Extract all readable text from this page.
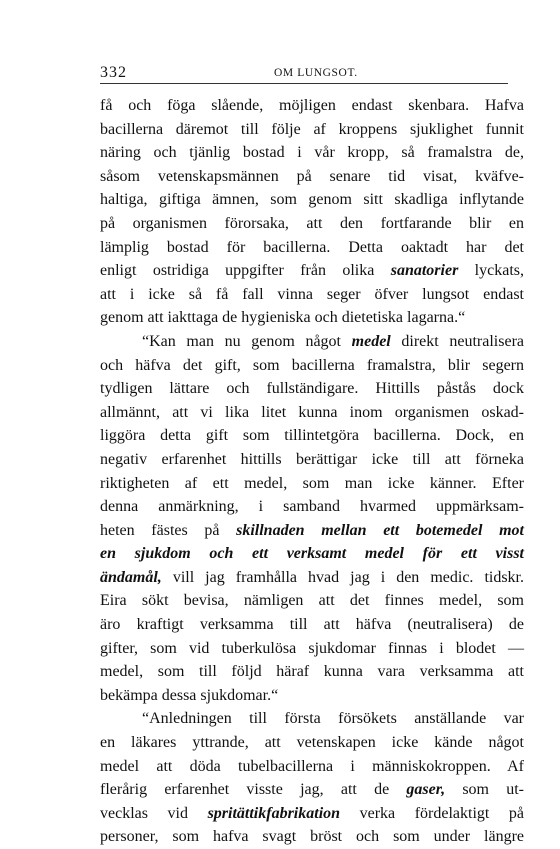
332	OM LUNGSOT.
få och föga slående, möjligen endast skenbara. Hafva
bacillerna däremot till följe af kroppens sjuklighet funnit
näring och tjänlig bostad i vår kropp, så framalstra de,
såsom vetenskapsmännen på senare tid visat, kväfve-
haltiga, giftiga ämnen, som genom sitt skadliga inflytande
på organismen förorsaka, att den fortfarande blir en
lämplig bostad för bacillerna. Detta oaktadt har det
enligt ostridiga uppgifter från olika sanatorier lyckats,
att i icke så få fall vinna seger öfver lungsot endast
genom att iakttaga de hygieniska och dietetiska lagarna.“
“Kan man nu genom något medel direkt neutralisera
och häfva det gift, som bacillerna framalstra, blir segern
tydligen lättare och fullständigare. Hittills påstås dock
allmännt, att vi lika litet kunna inom organismen oskad-
liggöra detta gift som tillintetgöra bacillerna. Dock, en
negativ erfarenhet hittills berättigar icke till att förneka
riktigheten af ett medel, som man icke känner. Efter
denna anmärkning, i samband hvarmed uppmärksam-
heten fästes på skillnaden mellan ett botemedel mot
en sjukdom och ett verksamt medel för ett visst
ändamål, vill jag framhålla hvad jag i den medic. tidskr.
Eira sökt bevisa, nämligen att det finnes medel, som
äro kraftigt verksamma till att häfva (neutralisera) de
gifter, som vid tuberkulösa sjukdomar finnas i blodet —
medel, som till följd häraf kunna vara verksamma att
bekämpa dessa sjukdomar.“
“Anledningen till första försökets anställande var
en läkares yttrande, att vetenskapen icke kände något
medel att döda tubelbacillerna i människokroppen. Af
flerårig erfarenhet visste jag, att de gaser, som ut-
vecklas vid spritättikfabrikation verka fördelaktigt på
personer, som hafva svagt bröst och som under längre
